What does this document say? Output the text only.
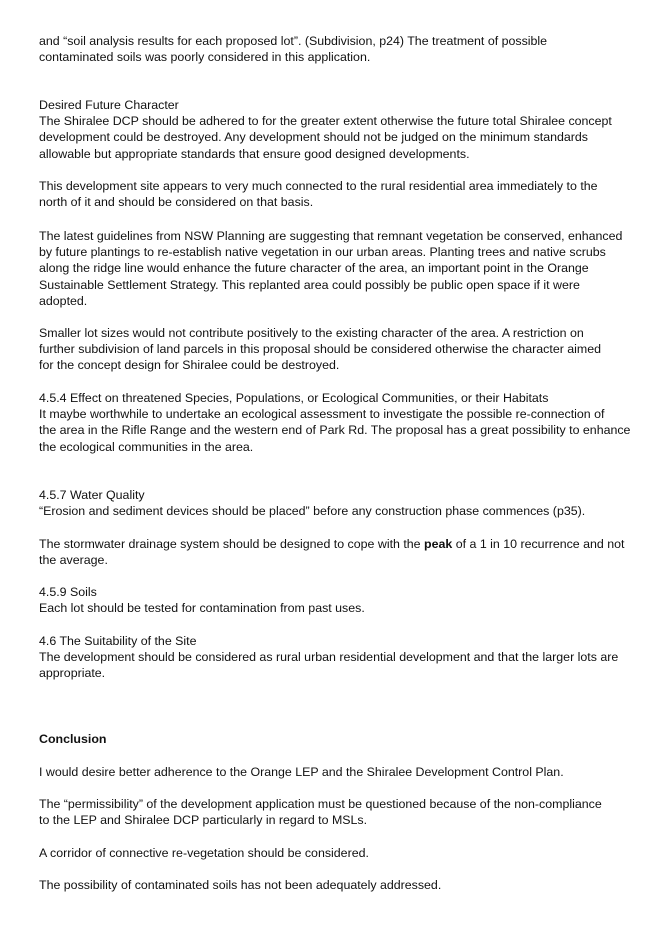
and “soil analysis results for each proposed lot”. (Subdivision, p24) The treatment of possible
contaminated soils was poorly considered in this application.
Desired Future Character
The Shiralee DCP should be adhered to for the greater extent otherwise the future total Shiralee concept
development could be destroyed. Any development should not be judged on the minimum standards
allowable but appropriate standards that ensure good designed developments.
This development site appears to very much connected to the rural residential area immediately to the
north of it and should be considered on that basis.
The latest guidelines from NSW Planning are suggesting that remnant vegetation be conserved, enhanced
by future plantings to re-establish native vegetation in our urban areas. Planting trees and native scrubs
along the ridge line would enhance the future character of the area, an important point in the Orange
Sustainable Settlement Strategy. This replanted area could possibly be public open space if it were
adopted.
Smaller lot sizes would not contribute positively to the existing character of the area. A restriction on
further subdivision of land parcels in this proposal should be considered otherwise the character aimed
for the concept design for Shiralee could be destroyed.
4.5.4 Effect on threatened Species, Populations, or Ecological Communities, or their Habitats
It maybe worthwhile to undertake an ecological assessment to investigate the possible re-connection of
the area in the Rifle Range and the western end of Park Rd. The proposal has a great possibility to enhance
the ecological communities in the area.
4.5.7 Water Quality
“Erosion and sediment devices should be placed” before any construction phase commences (p35).
The stormwater drainage system should be designed to cope with the peak of a 1 in 10 recurrence and not
the average.
4.5.9 Soils
Each lot should be tested for contamination from past uses.
4.6 The Suitability of the Site
The development should be considered as rural urban residential development and that the larger lots are
appropriate.
Conclusion
I would desire better adherence to the Orange LEP and the Shiralee Development Control Plan.
The “permissibility” of the development application must be questioned because of the non-compliance
to the LEP and Shiralee DCP particularly in regard to MSLs.
A corridor of connective re-vegetation should be considered.
The possibility of contaminated soils has not been adequately addressed.
